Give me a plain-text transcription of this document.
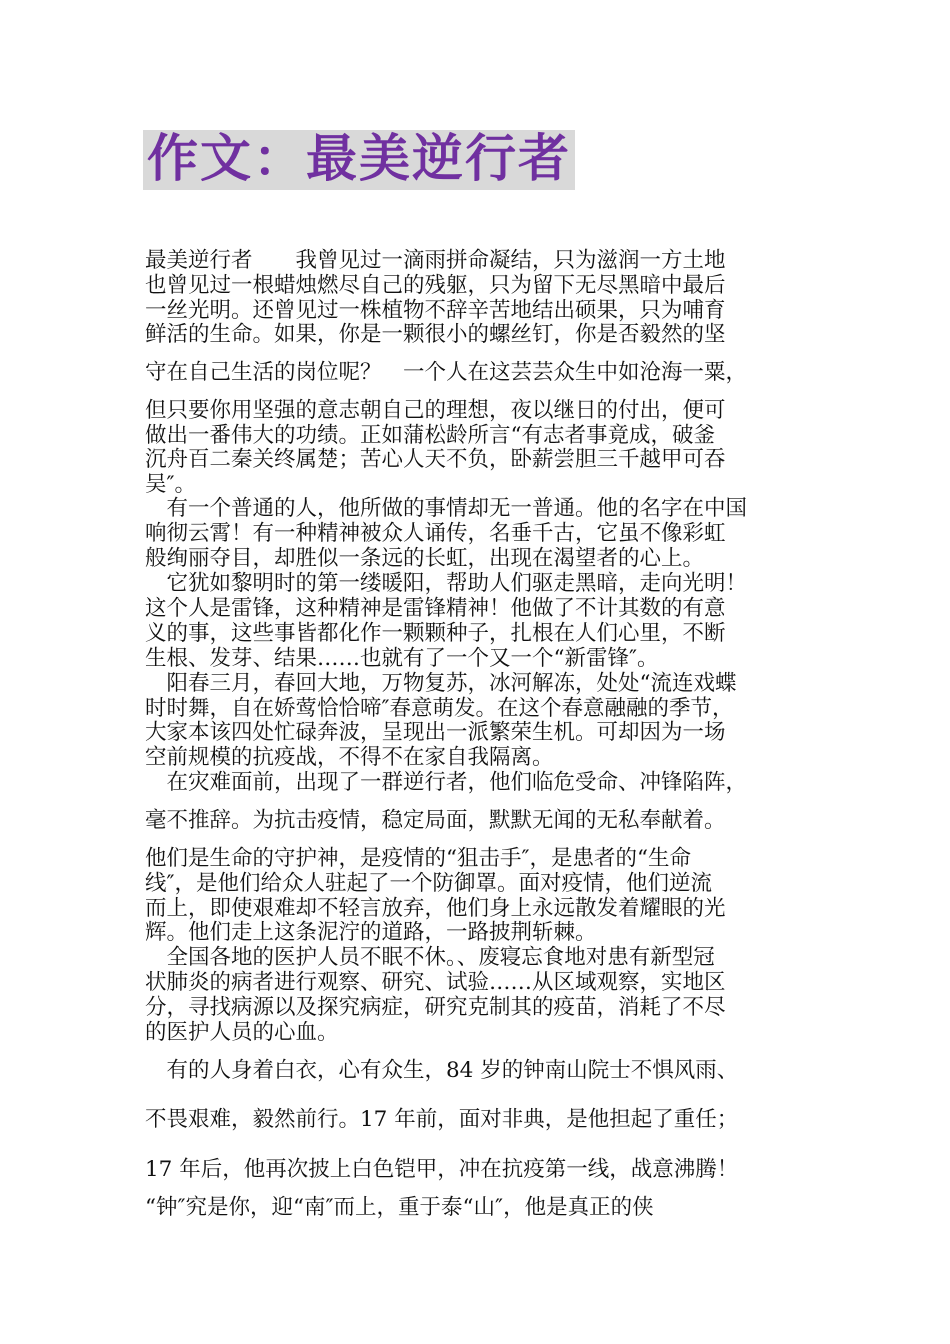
作文：最美逆行者
最美逆行者　　我曾见过一滴雨拼命凝结，只为滋润一方土地
也曾见过一根蜡烛燃尽自己的残躯，只为留下无尽黑暗中最后
一丝光明。还曾见过一株植物不辞辛苦地结出硕果，只为哺育
鲜活的生命。如果，你是一颗很小的螺丝钉，你是否毅然的坚
守在自己生活的岗位呢？　一个人在这芸芸众生中如沧海一粟，
但只要你用坚强的意志朝自己的理想，夜以继日的付出，便可
做出一番伟大的功绩。正如蒲松龄所言“有志者事竟成，破釜
沉舟百二秦关终属楚；苦心人天不负，卧薪尝胆三千越甲可吞
吴″。
　有一个普通的人，他所做的事情却无一普通。他的名字在中国
响彻云霄！有一种精神被众人诵传，名垂千古，它虽不像彩虹
般绚丽夺目，却胜似一条远的长虹，出现在渴望者的心上。
　它犹如黎明时的第一缕暖阳，帮助人们驱走黑暗，走向光明！
这个人是雷锋，这种精神是雷锋精神！他做了不计其数的有意
义的事，这些事皆都化作一颗颗种子，扎根在人们心里，不断
生根、发芽、结果……也就有了一个又一个“新雷锋″。
　阳春三月，春回大地，万物复苏，冰河解冻，处处“流连戏蝶
时时舞，自在娇莺恰恰啼″春意萌发。在这个春意融融的季节，
大家本该四处忙碌奔波，呈现出一派繁荣生机。可却因为一场
空前规模的抗疫战，不得不在家自我隔离。
　在灾难面前，出现了一群逆行者，他们临危受命、冲锋陷阵，
毫不推辞。为抗击疫情，稳定局面，默默无闻的无私奉献着。
他们是生命的守护神，是疫情的“狙击手″，是患者的“生命
线″，是他们给众人驻起了一个防御罩。面对疫情，他们逆流
而上，即使艰难却不轻言放弃，他们身上永远散发着耀眼的光
辉。他们走上这条泥泞的道路，一路披荆斩棘。
　全国各地的医护人员不眠不休。、废寝忘食地对患有新型冠
状肺炎的病者进行观察、研究、试验……从区域观察，实地区
分，寻找病源以及探究病症，研究克制其的疫苗，消耗了不尽
的医护人员的心血。
　有的人身着白衣，心有众生，84 岁的钟南山院士不惧风雨、
不畏艰难，毅然前行。17 年前，面对非典，是他担起了重任；
17 年后，他再次披上白色铠甲，冲在抗疫第一线，战意沸腾！
“钟″究是你，迎“南″而上，重于泰“山″，他是真正的侠
